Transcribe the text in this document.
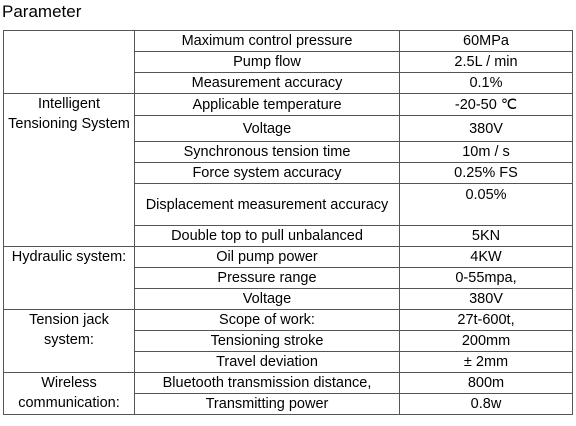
Parameter
	Maximum control pressure	60MPa
	Pump flow	2.5L / min
	Measurement accuracy	0.1%
Intelligent Tensioning System	Applicable temperature	-20-50 ℃
	Voltage	380V
	Synchronous tension time	10m / s
	Force system accuracy	0.25% FS
	Displacement measurement accuracy	0.05%
	Double top to pull unbalanced	5KN
Hydraulic system:	Oil pump power	4KW
	Pressure range	0-55mpa,
	Voltage	380V
Tension jack system:	Scope of work:	27t-600t,
	Tensioning stroke	200mm
	Travel deviation	± 2mm
Wireless communication:	Bluetooth transmission distance,	800m
	Transmitting power	0.8w
